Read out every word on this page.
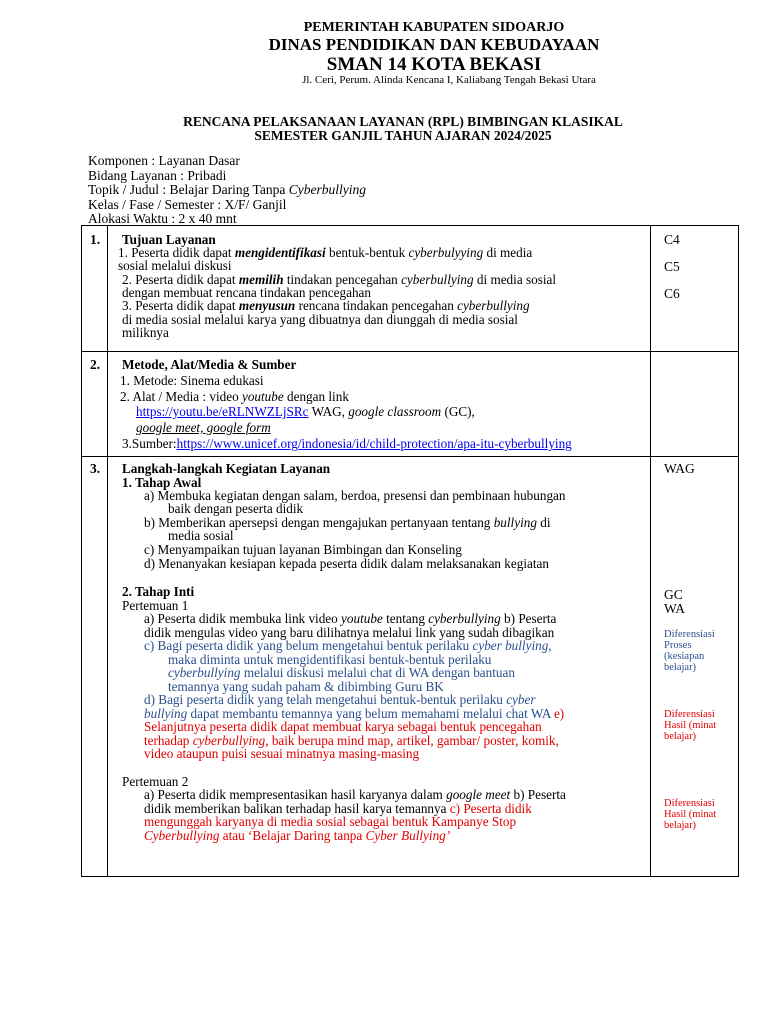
PEMERINTAH KABUPATEN SIDOARJO
DINAS PENDIDIKAN DAN KEBUDAYAAN
SMAN 14 KOTA BEKASI
Jl. Ceri, Perum. Alinda Kencana I, Kaliabang Tengah Bekasi Utara
RENCANA PELAKSANAAN LAYANAN (RPL) BIMBINGAN KLASIKAL
SEMESTER GANJIL TAHUN AJARAN 2024/2025
Komponen : Layanan Dasar
Bidang Layanan : Pribadi
Topik / Judul : Belajar Daring Tanpa Cyberbullying
Kelas / Fase / Semester : X/F/ Ganjil
Alokasi Waktu : 2 x 40 mnt
1. Tujuan Layanan
1. Peserta didik dapat mengidentifikasi bentuk-bentuk cyberbulyying di media
sosial melalui diskusi
2. Peserta didik dapat memilih tindakan pencegahan cyberbullying di media sosial
dengan membuat rencana tindakan pencegahan
3. Peserta didik dapat menyusun rencana tindakan pencegahan cyberbullying
di media sosial melalui karya yang dibuatnya dan diunggah di media sosial
miliknya
C4
C5
C6
2. Metode, Alat/Media & Sumber
1. Metode: Sinema edukasi
2. Alat / Media : video youtube dengan link
https://youtu.be/eRLNWZLjSRc WAG, google classroom (GC),
google meet, google form
3.Sumber:https://www.unicef.org/indonesia/id/child-protection/apa-itu-cyberbullying
3. Langkah-langkah Kegiatan Layanan
1. Tahap Awal
a) Membuka kegiatan dengan salam, berdoa, presensi dan pembinaan hubungan
baik dengan peserta didik
b) Memberikan apersepsi dengan mengajukan pertanyaan tentang bullying di
media sosial
c) Menyampaikan tujuan layanan Bimbingan dan Konseling
d) Menanyakan kesiapan kepada peserta didik dalam melaksanakan kegiatan
2. Tahap Inti
Pertemuan 1
a) Peserta didik membuka link video youtube tentang cyberbullying b) Peserta
didik mengulas video yang baru dilihatnya melalui link yang sudah dibagikan
c) Bagi peserta didik yang belum mengetahui bentuk perilaku cyber bullying,
maka diminta untuk mengidentifikasi bentuk-bentuk perilaku
cyberbullying melalui diskusi melalui chat di WA dengan bantuan
temannya yang sudah paham & dibimbing Guru BK
d) Bagi peserta didik yang telah mengetahui bentuk-bentuk perilaku cyber
bullying dapat membantu temannya yang belum memahami melalui chat WA e)
Selanjutnya peserta didik dapat membuat karya sebagai bentuk pencegahan
terhadap cyberbullying, baik berupa mind map, artikel, gambar/ poster, komik,
video ataupun puisi sesuai minatnya masing-masing
Pertemuan 2
a) Peserta didik mempresentasikan hasil karyanya dalam google meet b) Peserta
didik memberikan balikan terhadap hasil karya temannya c) Peserta didik
mengunggah karyanya di media sosial sebagai bentuk Kampanye Stop
Cyberbullying atau ‘Belajar Daring tanpa Cyber Bullying’
WAG
GC
WA
Diferensiasi Proses (kesiapan belajar)
Diferensiasi Hasil (minat belajar)
Diferensiasi Hasil (minat belajar)
